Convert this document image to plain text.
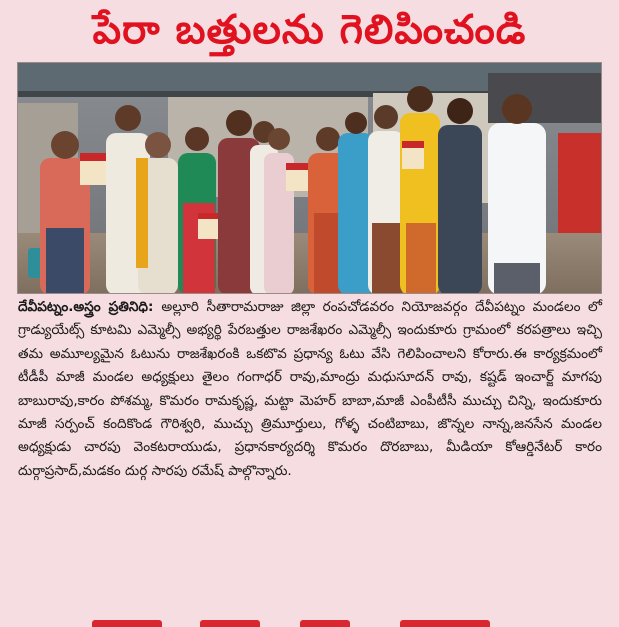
పేరా బత్తులను గెలిపించండి
దేవీపట్నం.అస్త్రం ప్రతినిధి: అల్లూరి సీతారామరాజు జిల్లా రంపచోడవరం నియోజవర్గం దేవీపట్నం మండలం లో గ్రాడ్యుయేట్స్ కూటమి ఎమ్మెల్సీ అభ్యర్థి పేరబత్తుల రాజశేఖరం ఎమ్మెల్సీ ఇందుకూరు గ్రామంలో కరపత్రాలు ఇచ్చి తమ అమూల్యమైన ఓటును రాజశేఖరంకి ఒకటొవ ప్రధాన్య ఓటు వేసి గెలిపించాలని కోరారు.ఈ కార్యక్రమంలో టీడీపీ మాజీ మండల అధ్యక్షులు తైలం గంగాధర్ రావు,మాంద్రు మధుసూదన్ రావు, కష్టడ్ ఇంచార్జ్ మాగపు బాబురావు,కారం పోశమ్మ, కొమరం రామకృష్ణ, మట్టా మెహర్ బాబా,మాజీ ఎంపీటీసీ ముచ్చు చిన్ని, ఇందుకూరు మాజీ సర్పంచ్ కందికొండ గౌరిశ్వరి, ముచ్చు త్రిమూర్తులు, గోళ్ళ చంటిబాబు, జొన్నల నాన్న,జనసేన మండల అధ్యక్షుడు చారపు వెంకటరాయుడు, ప్రధానకార్యదర్శి కొమరం దొరబాబు, మీడియా కోఆర్డినేటర్ కారం దుర్గాప్రసాద్,మడకం దుర్గ సారపు రమేష్ పాల్గొన్నారు.
